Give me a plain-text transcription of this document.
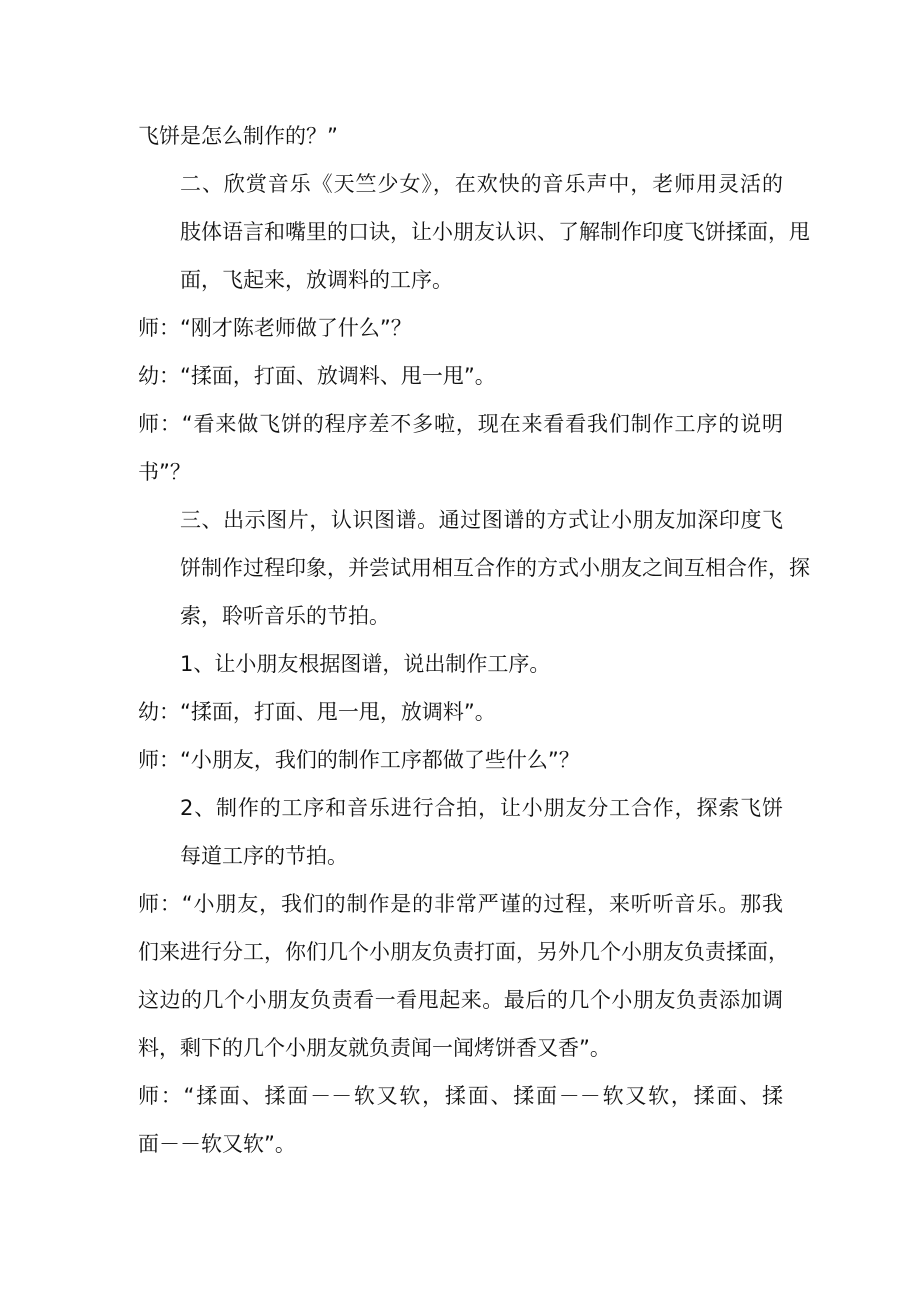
飞饼是怎么制作的？”

二、欣赏音乐《天竺少女》，在欢快的音乐声中，老师用灵活的
肢体语言和嘴里的口诀，让小朋友认识、了解制作印度飞饼揉面，甩
面，飞起来，放调料的工序。

师：“刚才陈老师做了什么”？

幼：“揉面，打面、放调料、甩一甩”。

师：“看来做飞饼的程序差不多啦，现在来看看我们制作工序的说明
书”？

三、出示图片，认识图谱。通过图谱的方式让小朋友加深印度飞
饼制作过程印象，并尝试用相互合作的方式小朋友之间互相合作，探
索，聆听音乐的节拍。

1、让小朋友根据图谱，说出制作工序。

幼：“揉面，打面、甩一甩，放调料”。

师：“小朋友，我们的制作工序都做了些什么”？

2、制作的工序和音乐进行合拍，让小朋友分工合作，探索飞饼
每道工序的节拍。

师：“小朋友，我们的制作是的非常严谨的过程，来听听音乐。那我
们来进行分工，你们几个小朋友负责打面，另外几个小朋友负责揉面，
这边的几个小朋友负责看一看甩起来。最后的几个小朋友负责添加调
料，剩下的几个小朋友就负责闻一闻烤饼香又香”。

师：“揉面、揉面－－软又软，揉面、揉面－－软又软，揉面、揉
面－－软又软”。
